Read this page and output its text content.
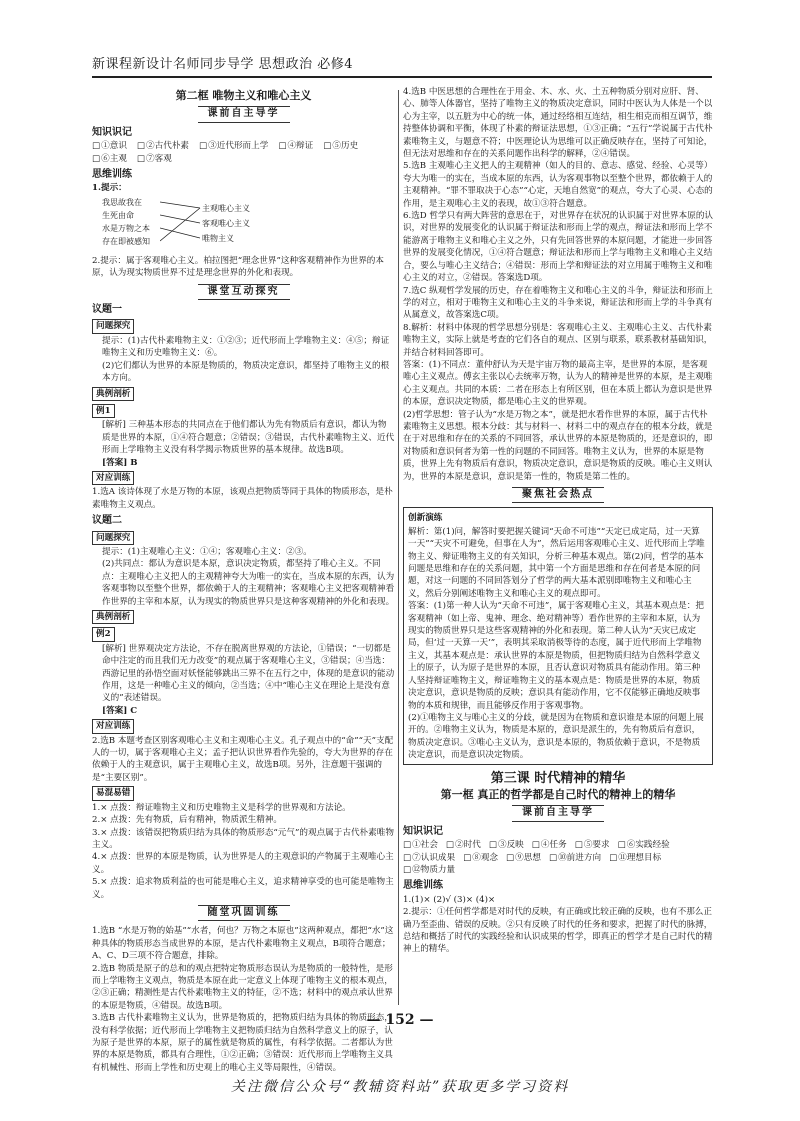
新课程新设计名师同步导学 思想政治 必修4
第二框 唯物主义和唯心主义
课前自主导学
知识识记
□ ①意识	□ ②古代朴素	□ ③近代形而上学	□ ④辩证	□ ⑤历史
□ ⑥主观	□ ⑦客观
思维训练

1.提示：

我思故我在
生死由命
水是万物之本
存在即被感知
主观唯心主义
客观唯心主义
唯物主义

2.提示：属于客观唯心主义。柏拉图把“理念世界”这种客观精神作为世界的本原，认为现实物质世界不过是理念世界的外化和表现。

课堂互动探究
议题一
问题探究

提示：(1)古代朴素唯物主义：①②③；近代形而上学唯物主义：④⑤；辩证唯物主义和历史唯物主义：⑥。

(2)它们都认为世界的本原是物质的，物质决定意识，都坚持了唯物主义的根本方向。

典例剖析
例1

[解析] 三种基本形态的共同点在于他们都认为先有物质后有意识，都认为物质是世界的本原，①④符合题意；②错误；③错误，古代朴素唯物主义、近代形而上学唯物主义没有科学揭示物质世界的基本规律。故选B项。

[答案] B

对应训练

1.选A 该诗体现了水是万物的本原，该观点把物质等同于具体的物质形态，是朴素唯物主义观点。

议题二
问题探究

提示：(1)主观唯心主义：①④；客观唯心主义：②③。

(2)共同点：都认为意识是本原，意识决定物质，都坚持了唯心主义。不同点：主观唯心主义把人的主观精神夸大为唯一的实在，当成本原的东西，认为客观事物以至整个世界，都依赖于人的主观精神；客观唯心主义把客观精神看作世界的主宰和本原，认为现实的物质世界只是这种客观精神的外化和表现。

典例剖析
例2

[解析] 世界观决定方法论，不存在脱离世界观的方法论，①错误；“一切都是命中注定的而且我们无力改变”的观点属于客观唯心主义，③错误；④当选：西游记里的孙悟空面对妖怪能够跳出三界不在五行之中，体现的是意识的能动作用，这是一种唯心主义的倾向，②当选；④中“唯心主义在理论上是没有意义的”表述错误。

[答案] C

对应训练

2.选B 本题考查区别客观唯心主义和主观唯心主义。孔子观点中的“命”“天”支配人的一切，属于客观唯心主义；孟子把认识世界看作先验的，夸大为世界的存在依赖于人的主观意识，属于主观唯心主义，故选B项。另外，注意题干强调的是“主要区别”。

易混易错

1.× 点拨：辩证唯物主义和历史唯物主义是科学的世界观和方法论。

2.× 点拨：先有物质，后有精神，物质派生精神。

3.× 点拨：该错误把物质归结为具体的物质形态“元气”的观点属于古代朴素唯物主义。

4.× 点拨：世界的本原是物质，认为世界是人的主观意识的产物属于主观唯心主义。

5.× 点拨：追求物质利益的也可能是唯心主义，追求精神享受的也可能是唯物主义。

随堂巩固训练

1.选B “水是万物的始基”“水者，何也？万物之本原也”这两种观点，都把“水”这种具体的物质形态当成世界的本原，是古代朴素唯物主义观点，B项符合题意；A、C、D三项不符合题意，排除。

2.选B 物质是原子的总和的观点把特定物质形态误认为是物质的一般特性，是形而上学唯物主义观点，物质是本原在此一定意义上体现了唯物主义的根本观点，②③正确；精测性是古代朴素唯物主义的特征，②不选；材料中的观点承认世界的本原是物质，④错误。故选B项。

3.选B 古代朴素唯物主义认为，世界是物质的，把物质归结为具体的物质形态，没有科学依据；近代形而上学唯物主义把物质归结为自然科学意义上的原子，认为原子是世界的本原，原子的属性就是物质的属性，有科学依据。二者都认为世界的本原是物质，都具有合理性，①②正确；③错误：近代形而上学唯物主义具有机械性、形而上学性和历史观上的唯心主义等局限性，④错误。

4.选B 中医思想的合理性在于用金、木、水、火、土五种物质分别对应肝、肾、心、肺等人体器官，坚持了唯物主义的物质决定意识，同时中医认为人体是一个以心为主宰，以五脏为中心的统一体，通过经络相互连结，相生相克而相互调节，维持整体协调和平衡，体现了朴素的辩证法思想，①③正确；“五行”学说属于古代朴素唯物主义，与题意不符；中医理论认为思维可以正确反映存在，坚持了可知论，但无法对思维和存在的关系问题作出科学的解释，②④错误。

5.选B 主观唯心主义把人的主观精神（如人的目的、意志、感觉、经验、心灵等）夸大为唯一的实在，当成本原的东西，认为客观事物以至整个世界，都依赖于人的主观精神。“罪不罪取决于心态”“心定，天地自然宽”的观点，夸大了心灵、心态的作用，是主观唯心主义的表现，故①③符合题意。

6.选D 哲学只有两大阵营的意思在于，对世界存在状况的认识属于对世界本原的认识，对世界的发展变化的认识属于辩证法和形而上学的观点，辩证法和形而上学不能游离于唯物主义和唯心主义之外，只有先回答世界的本原问题，才能进一步回答世界的发展变化情况，①④符合题意；辩证法和形而上学与唯物主义和唯心主义结合，要么与唯心主义结合；④错误：形而上学和辩证法的对立用属于唯物主义和唯心主义的对立，②错误。答案选D项。

7.选C 纵观哲学发展的历史，存在着唯物主义和唯心主义的斗争，辩证法和形而上学的对立，相对于唯物主义和唯心主义的斗争来说，辩证法和形而上学的斗争真有从属意义，故答案选C项。

8.解析：材料中体现的哲学思想分别是：客观唯心主义、主观唯心主义、古代朴素唯物主义，实际上就是考查的它们各自的观点、区别与联系，联系教材基础知识，并结合材料回答即可。

答案：(1)不同点：董仲舒认为天是宇宙万物的最高主宰，是世界的本原，是客观唯心主义观点。傅玄主张以心去统率万物，认为人的精神是世界的本原，是主观唯心主义观点。共同的本质：二者在形态上有所区别，但在本质上都认为意识是世界的本原，意识决定物质，都是唯心主义的世界观。

(2)哲学思想：管子认为“水是万物之本”，就是把水看作世界的本原，属于古代朴素唯物主义思想。根本分歧：其与材料一、材料二中的观点存在的根本分歧，就是在于对思维和存在的关系的不同回答，承认世界的本原是物质的，还是意识的，即对物质和意识何者为第一性的问题的不同回答。唯物主义认为，世界的本原是物质，世界上先有物质后有意识，物质决定意识，意识是物质的反映。唯心主义则认为，世界的本原是意识，意识是第一性的，物质是第二性的。

聚焦社会热点
创新演练

解析：第(1)问，解答时要把握关键词“天命不可违”“天定已成定局，过一天算一天”“天灾不可避免，但事在人为”，然后运用客观唯心主义、近代形而上学唯物主义、辩证唯物主义的有关知识，分析三种基本观点。第(2)问，哲学的基本问题是思维和存在的关系问题，其中第一个方面是思维和存在何者是本原的问题，对这一问题的不同回答划分了哲学的两大基本派别即唯物主义和唯心主义，然后分别阐述唯物主义和唯心主义的观点即可。

答案：(1)第一种人认为“天命不可违”，属于客观唯心主义，其基本观点是：把客观精神（如上帝、鬼神、理念、绝对精神等）看作世界的主宰和本原，认为现实的物质世界只是这些客观精神的外化和表现。第二种人认为“天灾已成定局，但‘过一天算一天’”，表明其采取消极等待的态度，属于近代形而上学唯物主义，其基本观点是：承认世界的本原是物质，但把物质归结为自然科学意义上的原子，认为原子是世界的本原，且否认意识对物质具有能动作用。第三种人坚持辩证唯物主义，辩证唯物主义的基本观点是：物质是世界的本原，物质决定意识，意识是物质的反映；意识具有能动作用，它不仅能够正确地反映事物的本质和规律，而且能够反作用于客观事物。

(2)①唯物主义与唯心主义的分歧，就是因为在物质和意识谁是本原的问题上展开的。②唯物主义认为，物质是本原的，意识是派生的，先有物质后有意识，物质决定意识。③唯心主义认为，意识是本原的，物质依赖于意识，不是物质决定意识，而是意识决定物质。

第三课 时代精神的精华
第一框 真正的哲学都是自己时代的精神上的精华
课前自主导学
知识识记
□ ①社会	□ ②时代	□ ③反映	□ ④任务	□ ⑤要求	□ ⑥实践经验
□ ⑦认识成果	□ ⑧观念	□ ⑨思想	□ ⑩前进方向	□ ⑪理想目标
□ ⑫物质力量
思维训练

1.(1)× (2)√ (3)× (4)×

2.提示：①任何哲学都是对时代的反映，有正确或比较正确的反映，也有不那么正确乃至歪曲、错误的反映。②只有反映了时代的任务和要求，把握了时代的脉搏，总结和概括了时代的实践经验和认识成果的哲学，即真正的哲学才是自己时代的精神上的精华。

— 152 —
关注微信公众号“教辅资料站”获取更多学习资料
